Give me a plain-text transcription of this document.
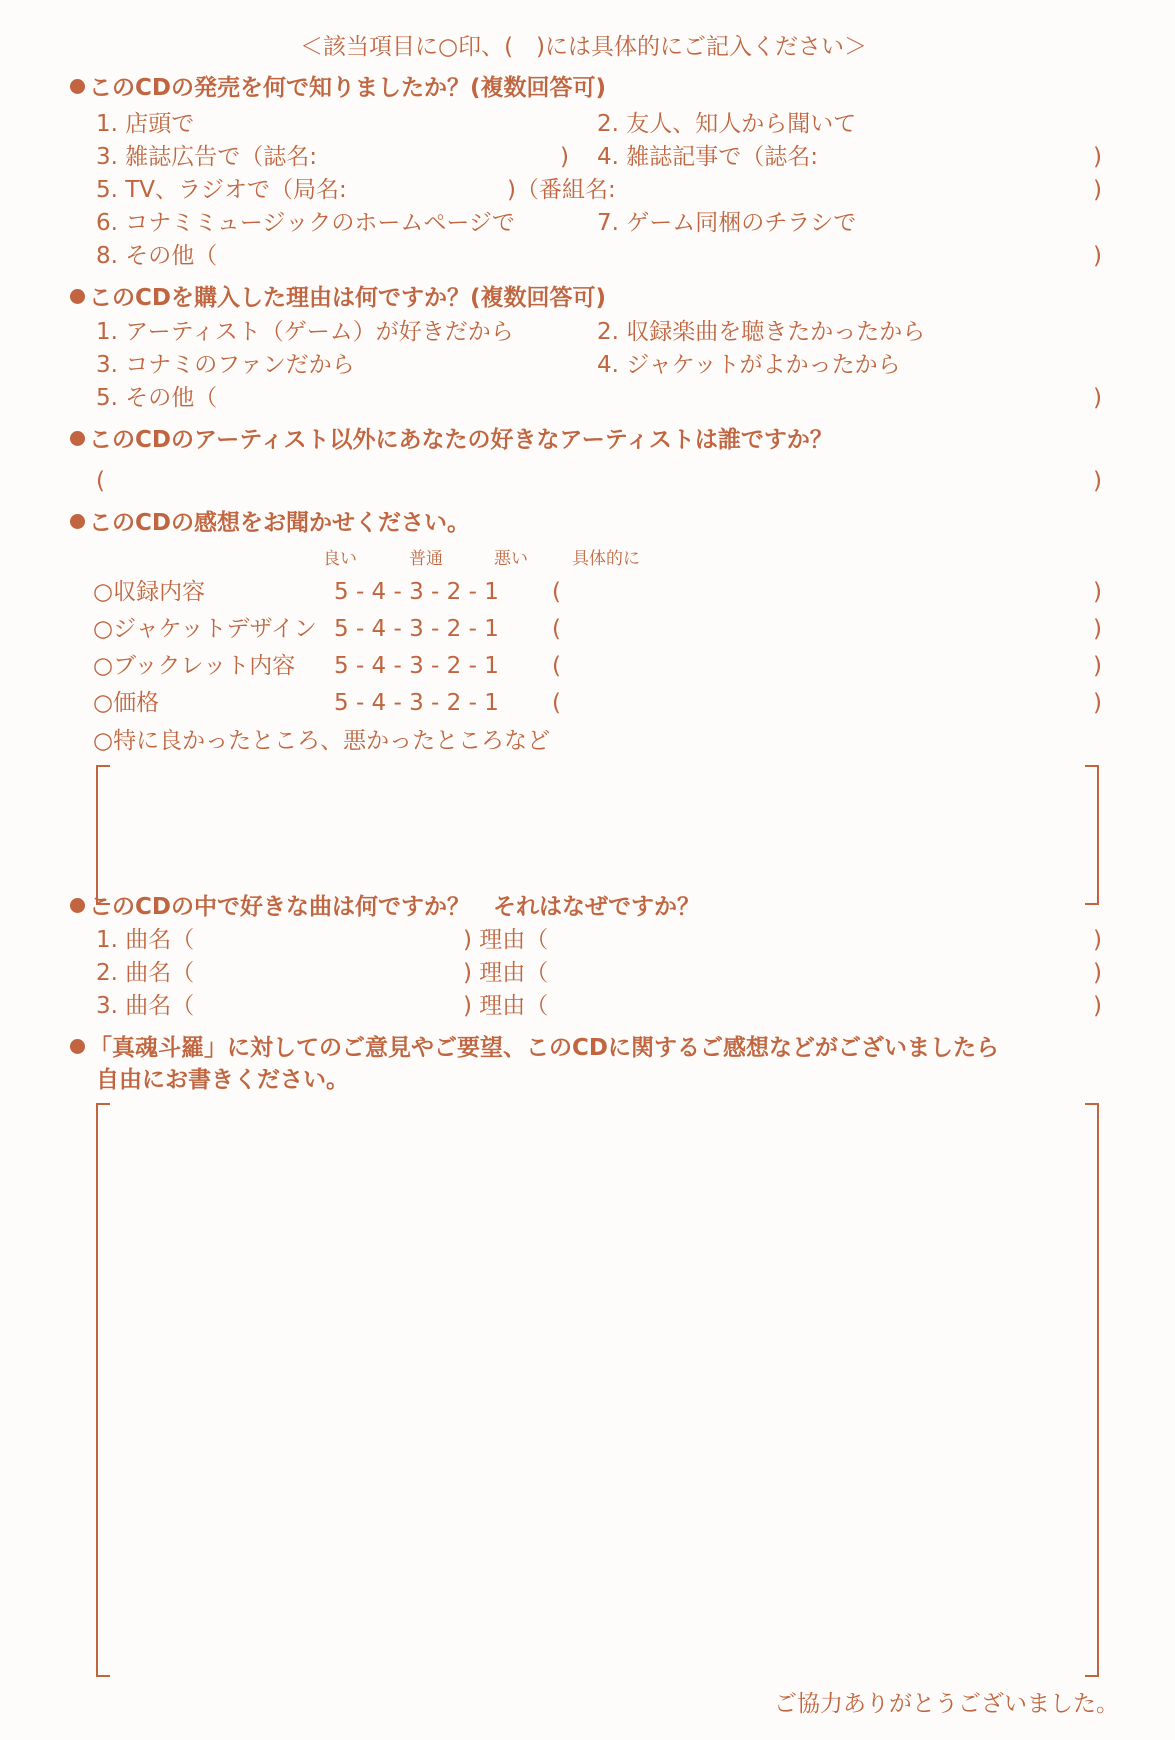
＜該当項目に○印、(　)には具体的にご記入ください＞
このCDの発売を何で知りましたか？(複数回答可)
1. 店頭で	2. 友人、知人から聞いて
3. 雑誌広告で（誌名:	) 4. 雑誌記事で（誌名:	)
5. TV、ラジオで（局名:	)（番組名:	)
6. コナミミュージックのホームページで	7. ゲーム同梱のチラシで
8. その他（	)
このCDを購入した理由は何ですか？(複数回答可)
1. アーティスト（ゲーム）が好きだから	2. 収録楽曲を聴きたかったから
3. コナミのファンだから	4. ジャケットがよかったから
5. その他（	)
このCDのアーティスト以外にあなたの好きなアーティストは誰ですか？
(	)
このCDの感想をお聞かせください。
良い	普通	悪い	具体的に
○収録内容	5 - 4 - 3 - 2 - 1 (	)
○ジャケットデザイン 5 - 4 - 3 - 2 - 1 (	)
○ブックレット内容 5 - 4 - 3 - 2 - 1 (	)
○価格	5 - 4 - 3 - 2 - 1 (	)
○特に良かったところ、悪かったところなど
このCDの中で好きな曲は何ですか？　それはなぜですか？
1. 曲名（	) 理由（	)
2. 曲名（	) 理由（	)
3. 曲名（	) 理由（	)
「真魂斗羅」に対してのご意見やご要望、このCDに関するご感想などがございましたら
自由にお書きください。
ご協力ありがとうございました。
